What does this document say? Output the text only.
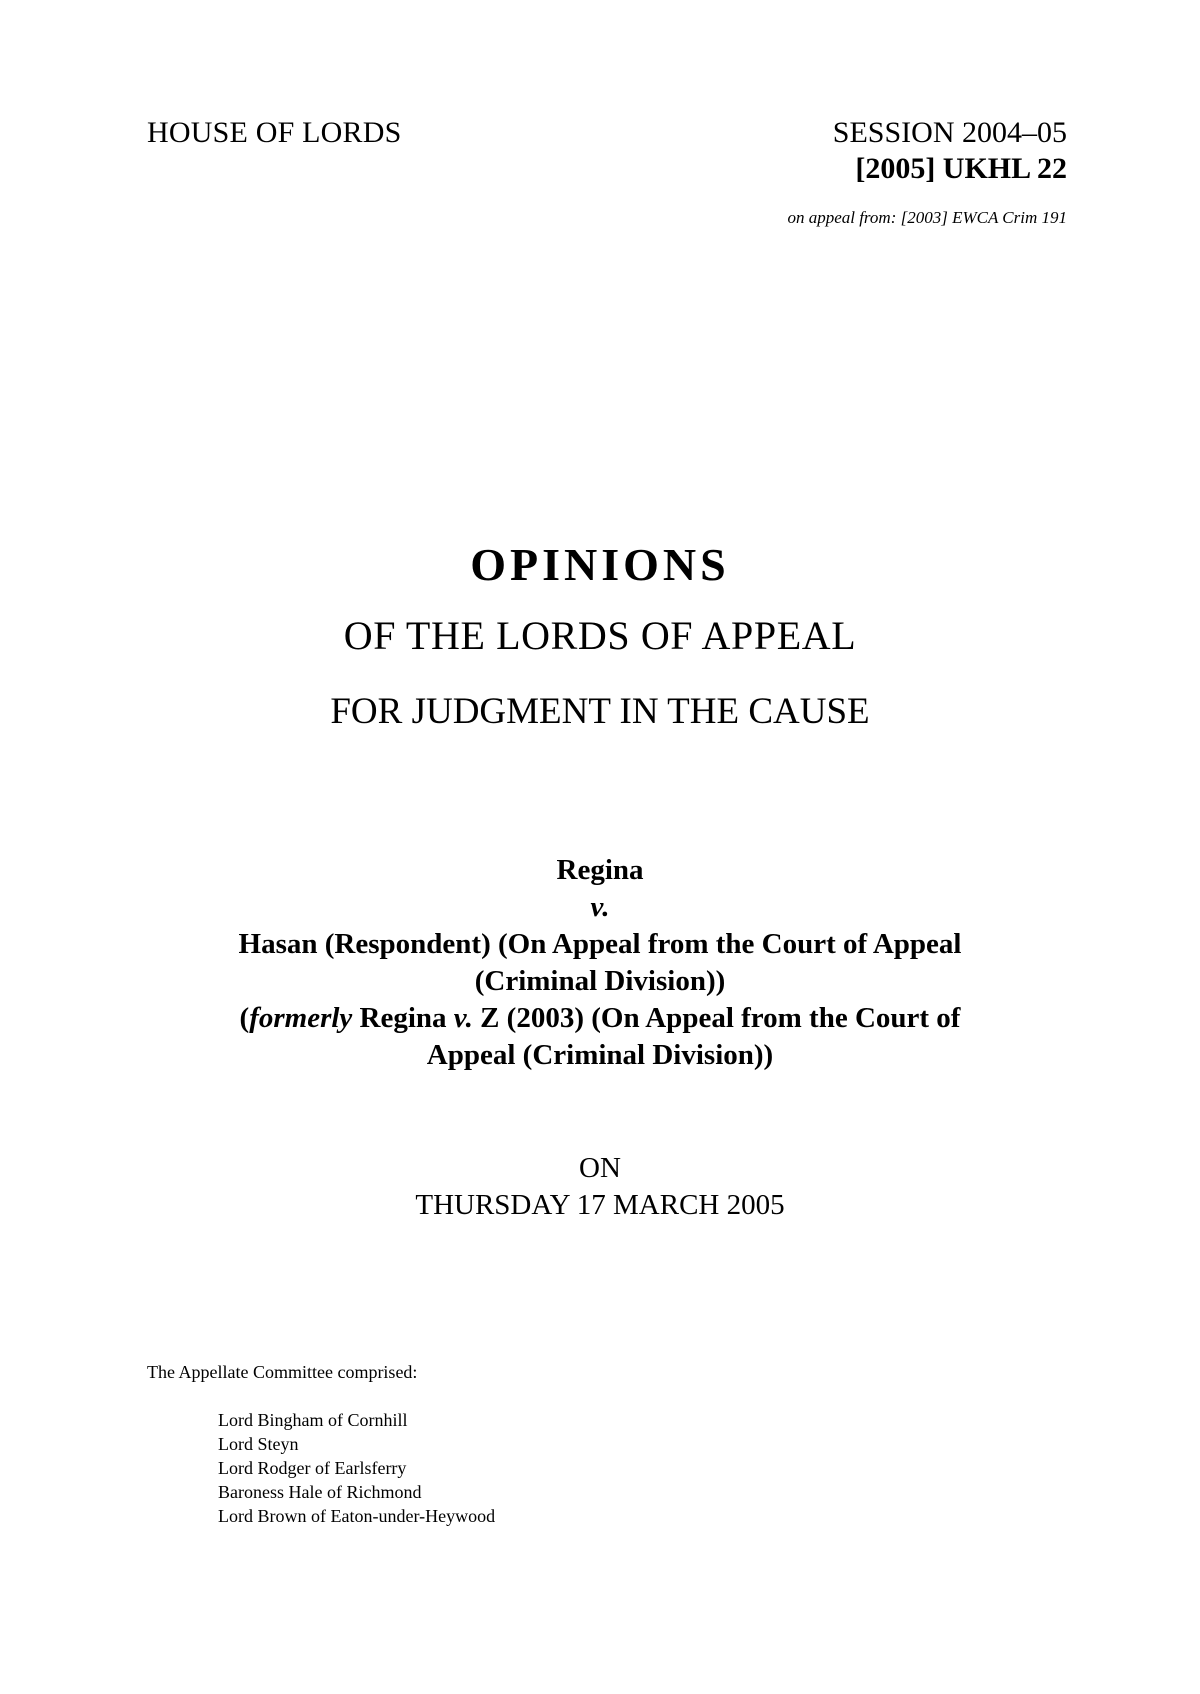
HOUSE OF LORDS	SESSION 2004–05
[2005] UKHL 22
on appeal from: [2003] EWCA Crim 191
OPINIONS
OF THE LORDS OF APPEAL
FOR JUDGMENT IN THE CAUSE
Regina
v.
Hasan (Respondent) (On Appeal from the Court of Appeal
(Criminal Division))
(formerly Regina v. Z (2003) (On Appeal from the Court of
Appeal (Criminal Division))
ON
THURSDAY 17 MARCH 2005
The Appellate Committee comprised:
Lord Bingham of Cornhill
Lord Steyn
Lord Rodger of Earlsferry
Baroness Hale of Richmond
Lord Brown of Eaton-under-Heywood
